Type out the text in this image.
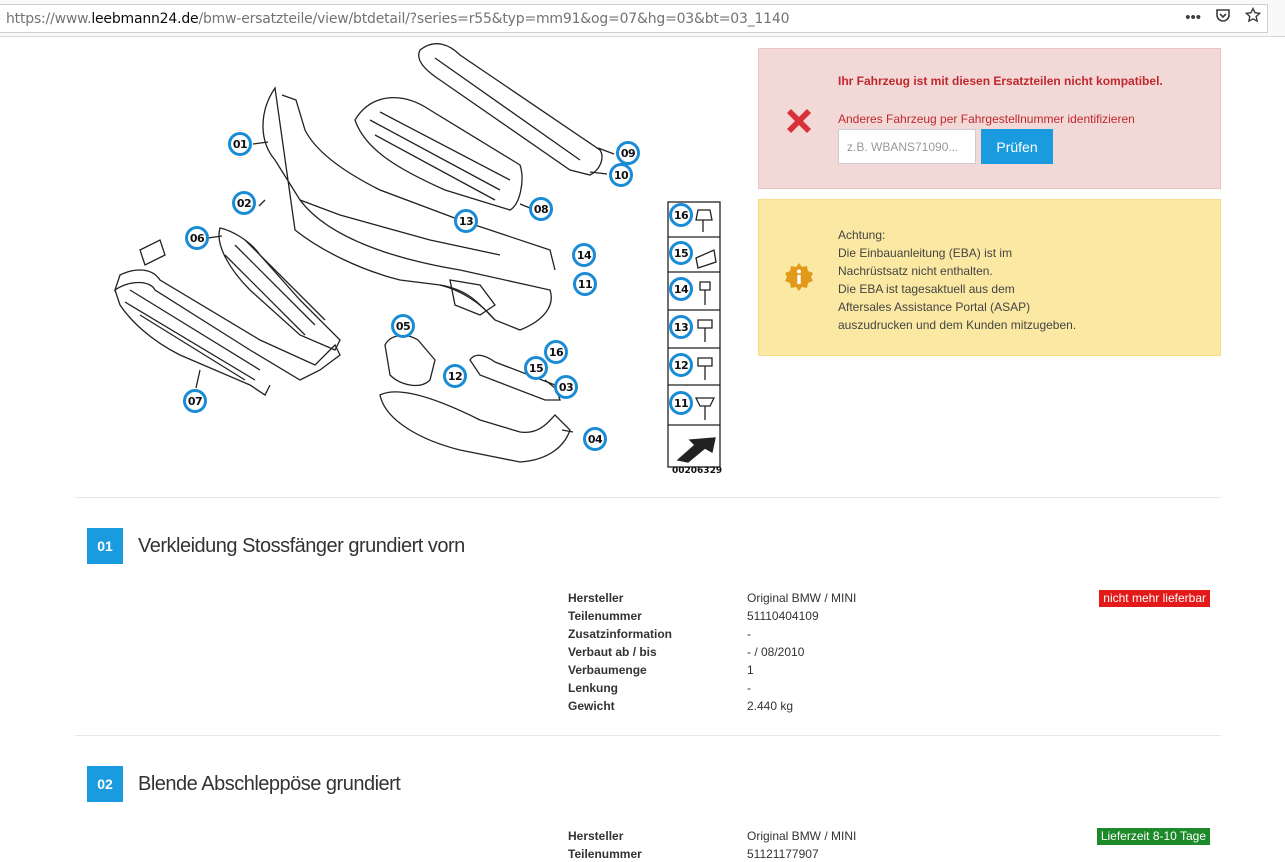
https://www.leebmann24.de/bmw-ersatzteile/view/btdetail/?series=r55&typ=mm91&og=07&hg=03&bt=03_1140	•••
01
02
03
04
05
06
07
08
09
10
11
12
13
14
15
16
16
15
14
13
12
11
00206329
Ihr Fahrzeug ist mit diesen Ersatzteilen nicht kompatibel.
Anderes Fahrzeug per Fahrgestellnummer identifizieren
z.B. WBANS71090...
Prüfen
Achtung:
Die Einbauanleitung (EBA) ist im
Nachrüstsatz nicht enthalten.
Die EBA ist tagesaktuell aus dem
Aftersales Assistance Portal (ASAP)
auszudrucken und dem Kunden mitzugeben.
01	Verkleidung Stossfänger grundiert vorn
Hersteller	Original BMW / MINI
Teilenummer	51110404109
Zusatzinformation	-
Verbaut ab / bis	- / 08/2010
Verbaumenge	1
Lenkung	-
Gewicht	2.440 kg
nicht mehr lieferbar
02	Blende Abschleppöse grundiert
Hersteller	Original BMW / MINI
Teilenummer	51121177907
Lieferzeit 8-10 Tage
